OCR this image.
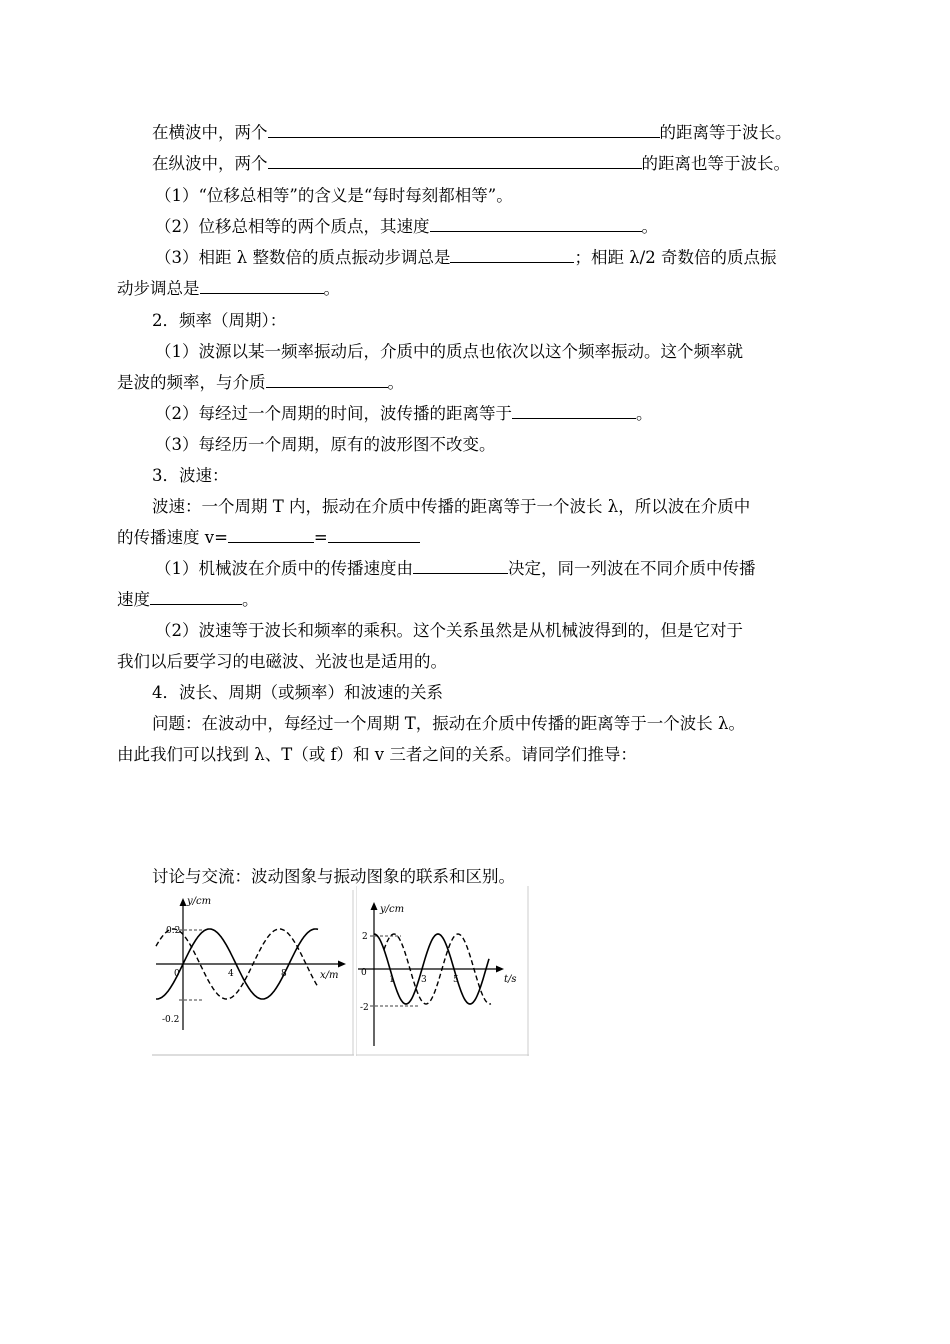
在横波中，两个	的距离等于波长。
在纵波中，两个	的距离也等于波长。
（1）“位移总相等”的含义是“每时每刻都相等”。
（2）位移总相等的两个质点，其速度	。
（3）相距 λ 整数倍的质点振动步调总是	；相距 λ/2 奇数倍的质点振
动步调总是	。
2．频率（周期）：
（1）波源以某一频率振动后，介质中的质点也依次以这个频率振动。这个频率就
是波的频率，与介质	。
（2）每经过一个周期的时间，波传播的距离等于	。
（3）每经历一个周期，原有的波形图不改变。
3．波速：
波速：一个周期 T 内，振动在介质中传播的距离等于一个波长 λ，所以波在介质中
的传播速度 v=	=
（1）机械波在介质中的传播速度由	决定，同一列波在不同介质中传播
速度	。
（2）波速等于波长和频率的乘积。这个关系虽然是从机械波得到的，但是它对于
我们以后要学习的电磁波、光波也是适用的。
4．波长、周期（或频率）和波速的关系
问题：在波动中，每经过一个周期 T，振动在介质中传播的距离等于一个波长 λ。
由此我们可以找到 λ、T（或 f）和 v 三者之间的关系。请同学们推导：
讨论与交流：波动图象与振动图象的联系和区别。
y/cm
x/m
0.2
-0.2
0	4	8
y/cm
t/s
2
-2
0
1	3	5
